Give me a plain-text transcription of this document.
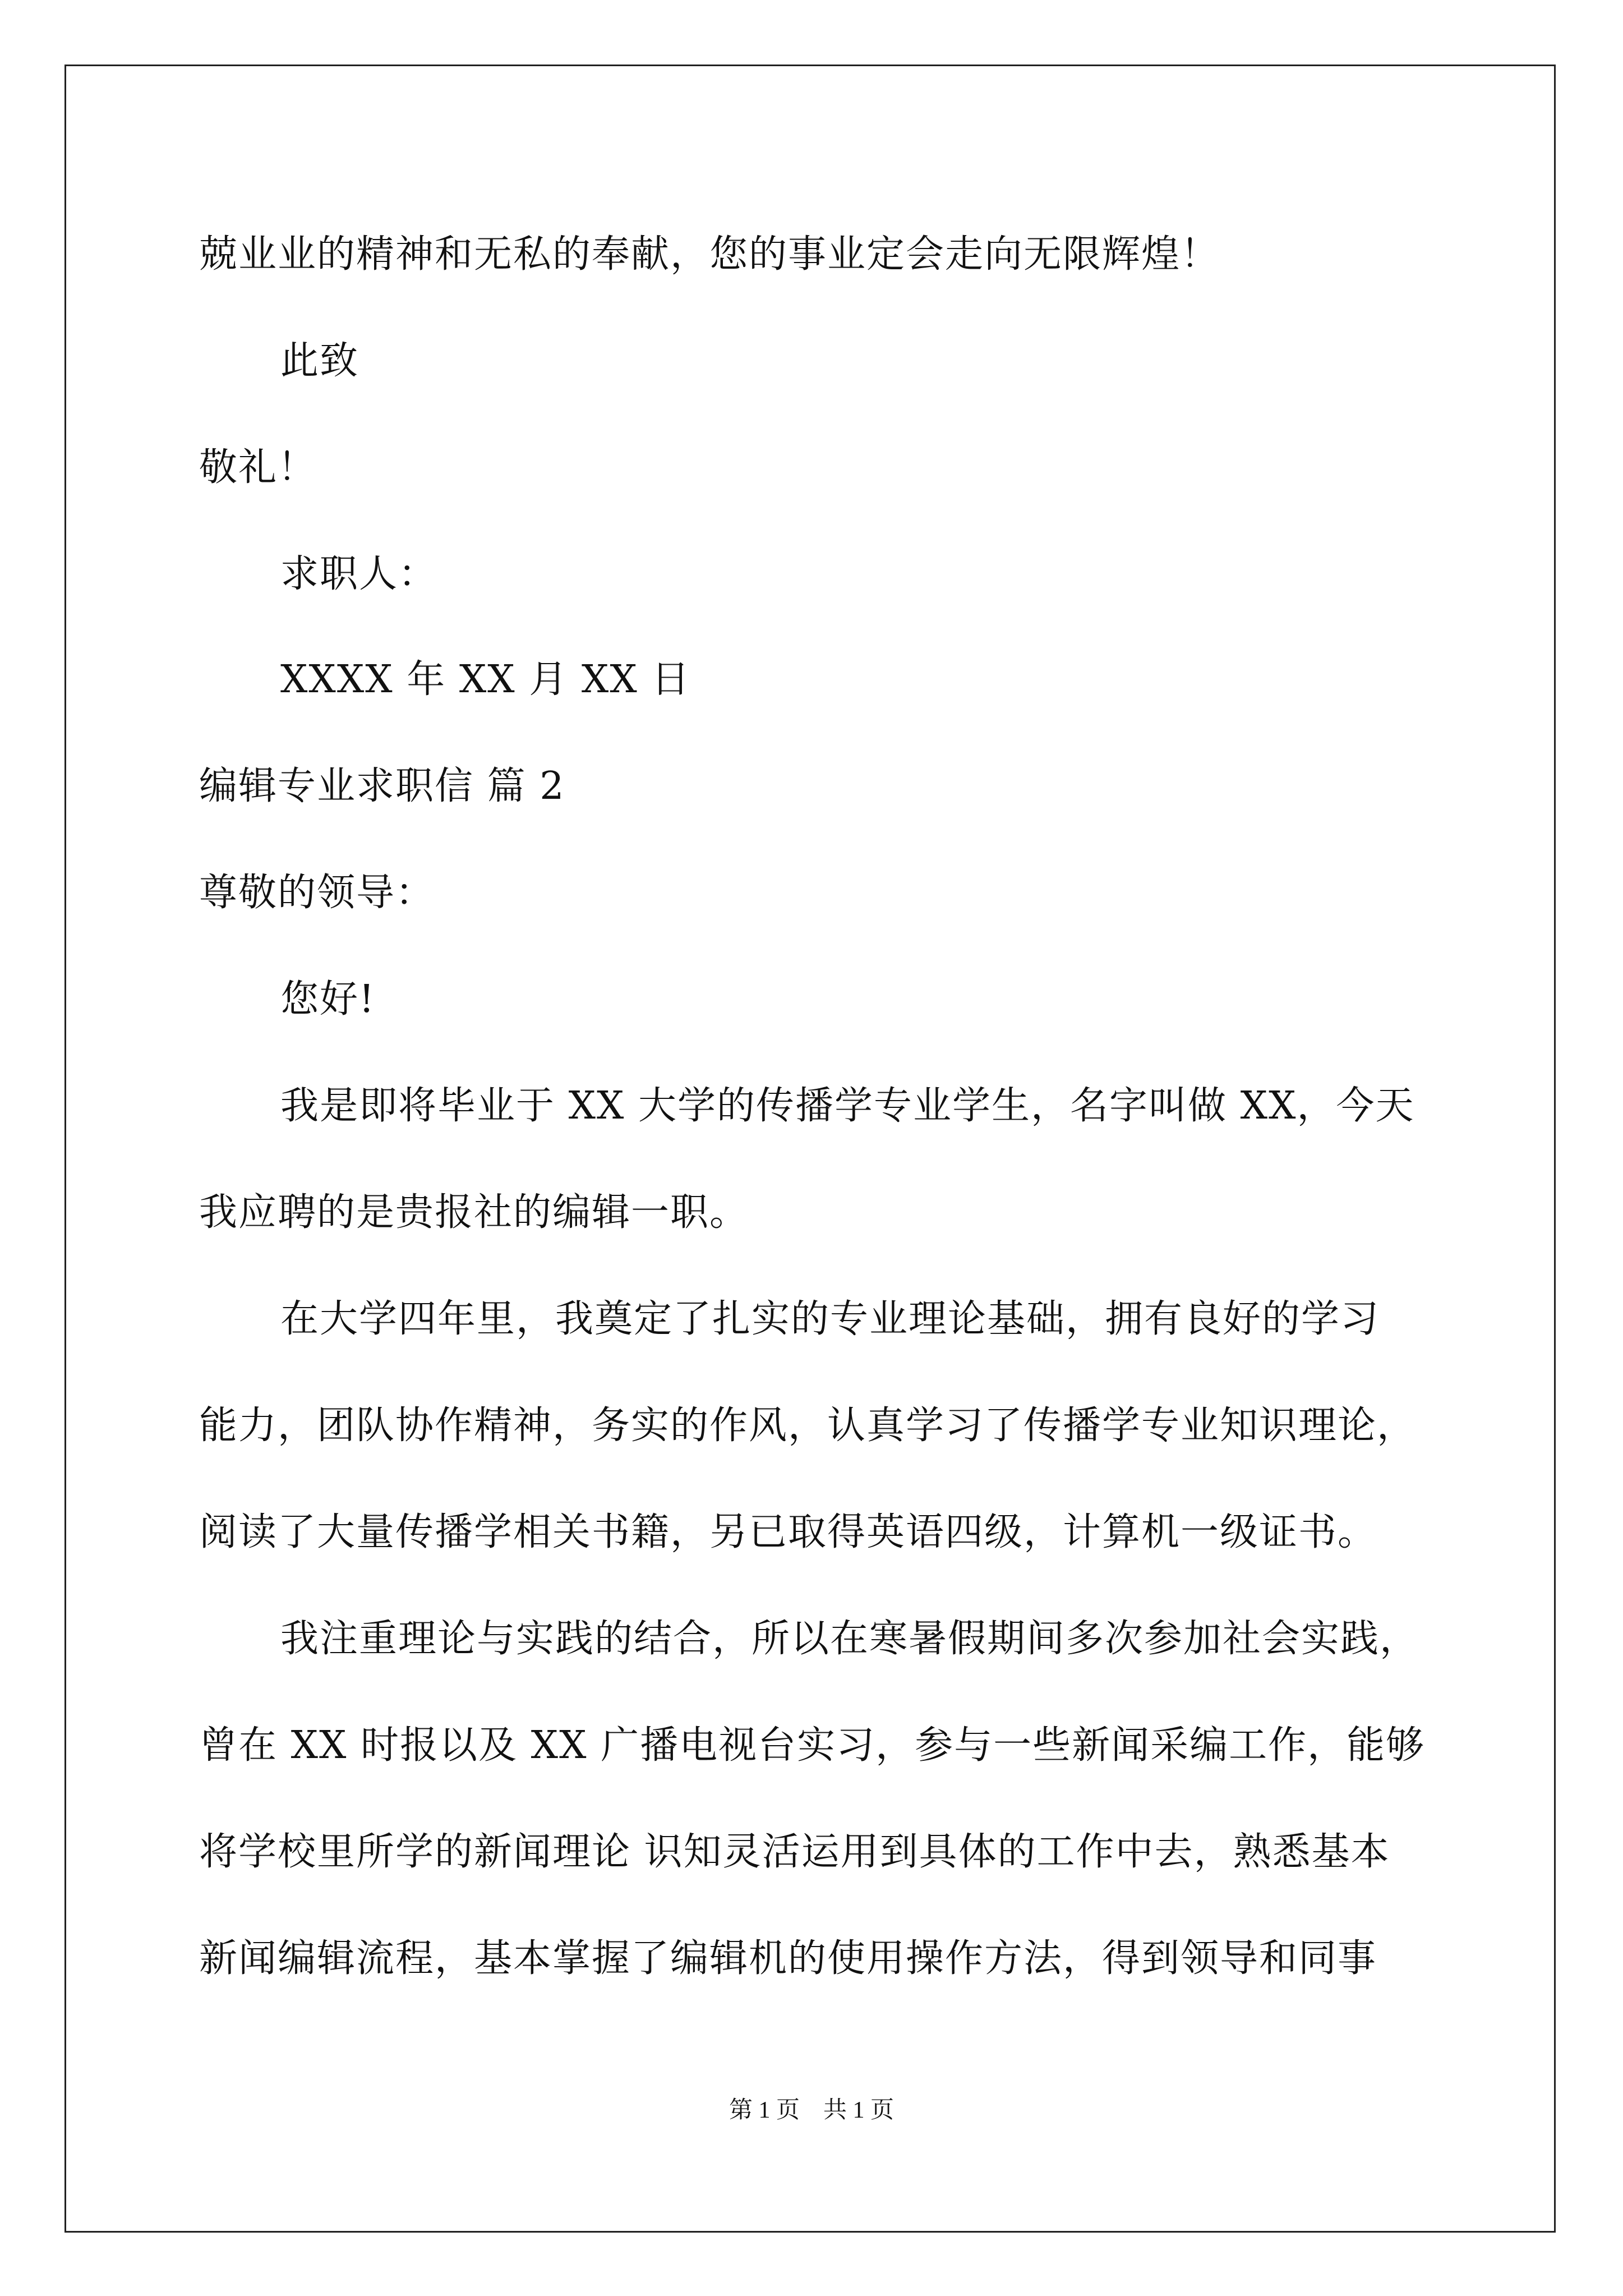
兢业业的精神和无私的奉献，您的事业定会走向无限辉煌！
此致
敬礼！
求职人：
XXXX 年 XX 月 XX 日
编辑专业求职信 篇 2
尊敬的领导：
您好!
我是即将毕业于 XX 大学的传播学专业学生，名字叫做 XX，今天
我应聘的是贵报社的编辑一职。
在大学四年里，我奠定了扎实的专业理论基础，拥有良好的学习
能力，团队协作精神，务实的作风，认真学习了传播学专业知识理论，
阅读了大量传播学相关书籍，另已取得英语四级，计算机一级证书。
我注重理论与实践的结合，所以在寒暑假期间多次参加社会实践，
曾在 XX 时报以及 XX 广播电视台实习，参与一些新闻采编工作，能够
将学校里所学的新闻理论 识知灵活运用到具体的工作中去，熟悉基本
新闻编辑流程，基本掌握了编辑机的使用操作方法，得到领导和同事
第 1 页　共 1 页
